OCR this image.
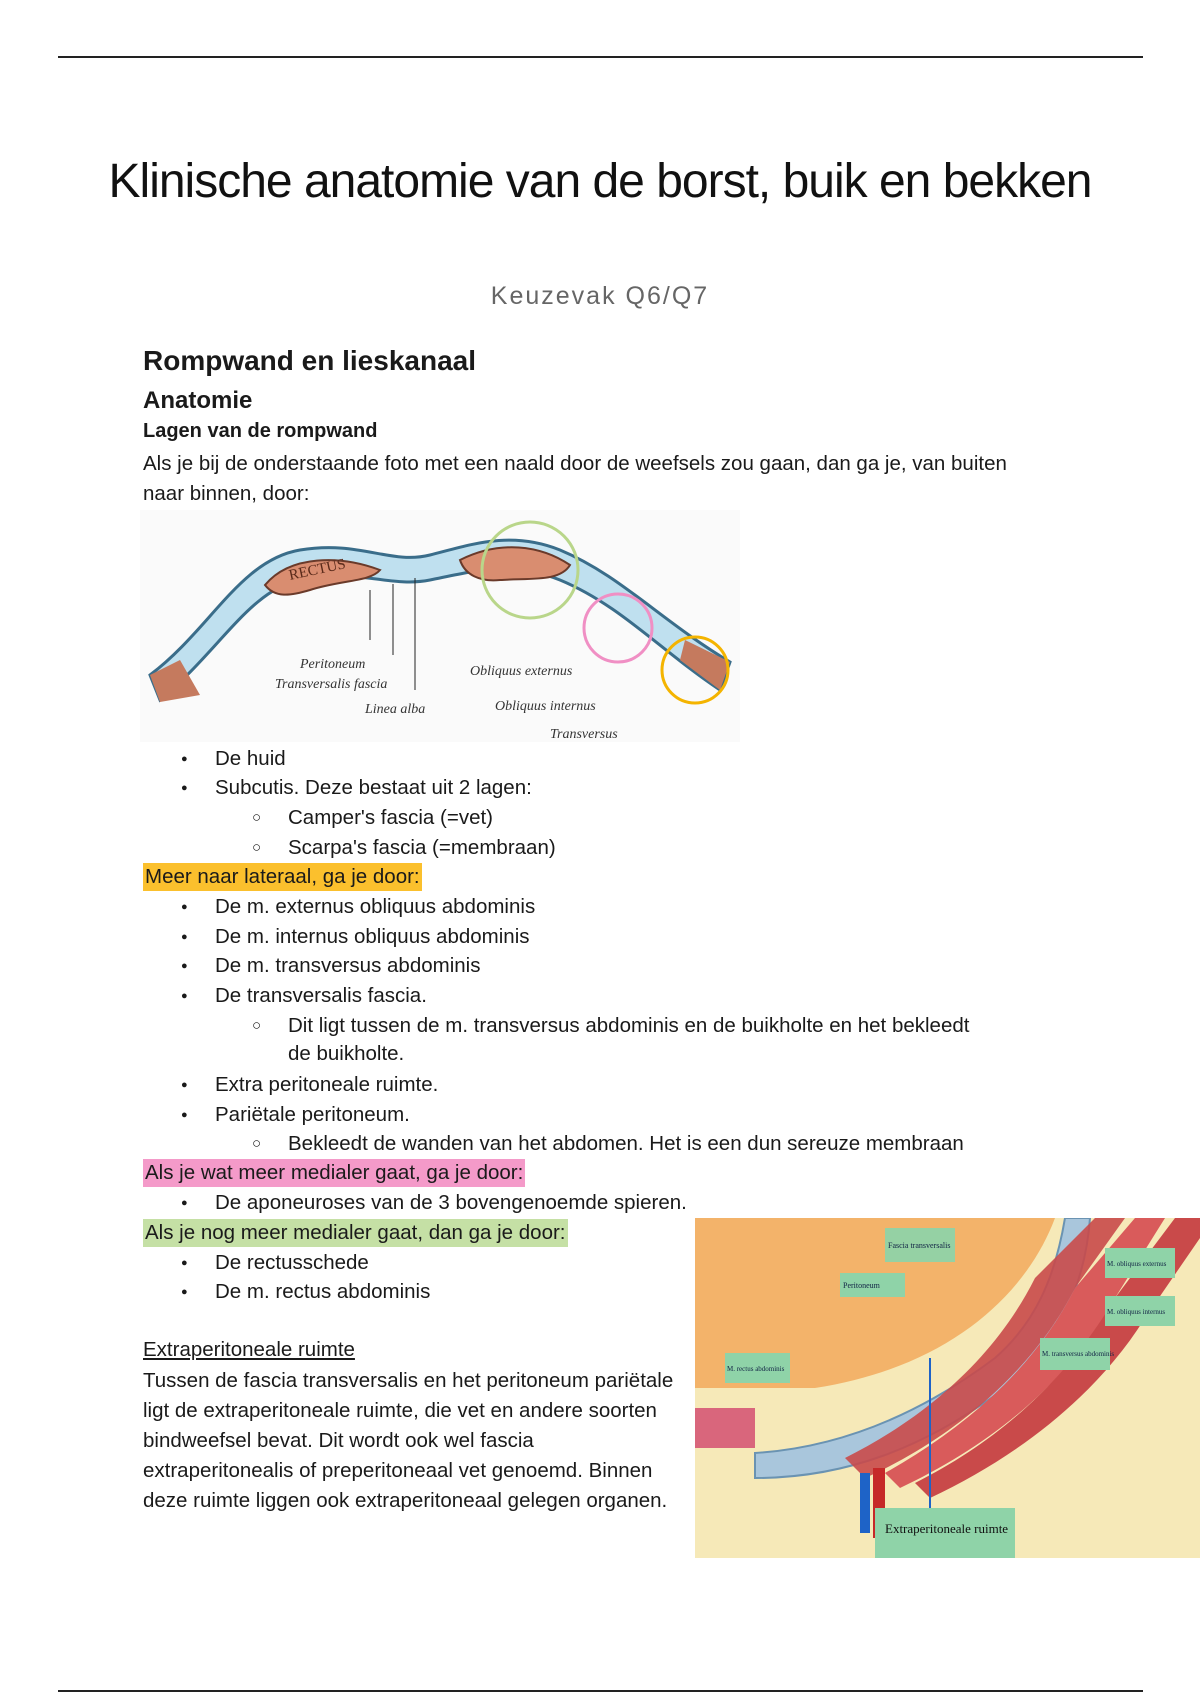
Klinische anatomie van de borst, buik en bekken
Keuzevak Q6/Q7
Rompwand en lieskanaal
Anatomie
Lagen van de rompwand
Als je bij de onderstaande foto met een naald door de weefsels zou gaan, dan ga je, van buiten naar binnen, door:
RECTUS
Peritoneum
Transversalis fascia
Linea alba
Obliquus externus
Obliquus internus
Transversus
● De huid
● Subcutis. Deze bestaat uit 2 lagen:
○ Camper's fascia (=vet)
○ Scarpa's fascia (=membraan)
Meer naar lateraal, ga je door:
● De m. externus obliquus abdominis
● De m. internus obliquus abdominis
● De m. transversus abdominis
● De transversalis fascia.
○ Dit ligt tussen de m. transversus abdominis en de buikholte en het bekleedt de buikholte.
● Extra peritoneale ruimte.
● Pariëtale peritoneum.
○ Bekleedt de wanden van het abdomen. Het is een dun sereuze membraan
Als je wat meer medialer gaat, ga je door:
● De aponeuroses van de 3 bovengenoemde spieren.
Als je nog meer medialer gaat, dan ga je door:
● De rectusschede
● De m. rectus abdominis
Extraperitoneale ruimte
Tussen de fascia transversalis en het peritoneum pariëtale ligt de extraperitoneale ruimte, die vet en andere soorten bindweefsel bevat. Dit wordt ook wel fascia extraperitonealis of preperitoneaal vet genoemd. Binnen deze ruimte liggen ook extraperitoneaal gelegen organen.
Fascia transversalis
Peritoneum
M. obliquus externus
M. obliquus internus
M. transversus abdominis
M. rectus abdominis
Extraperitoneale ruimte
